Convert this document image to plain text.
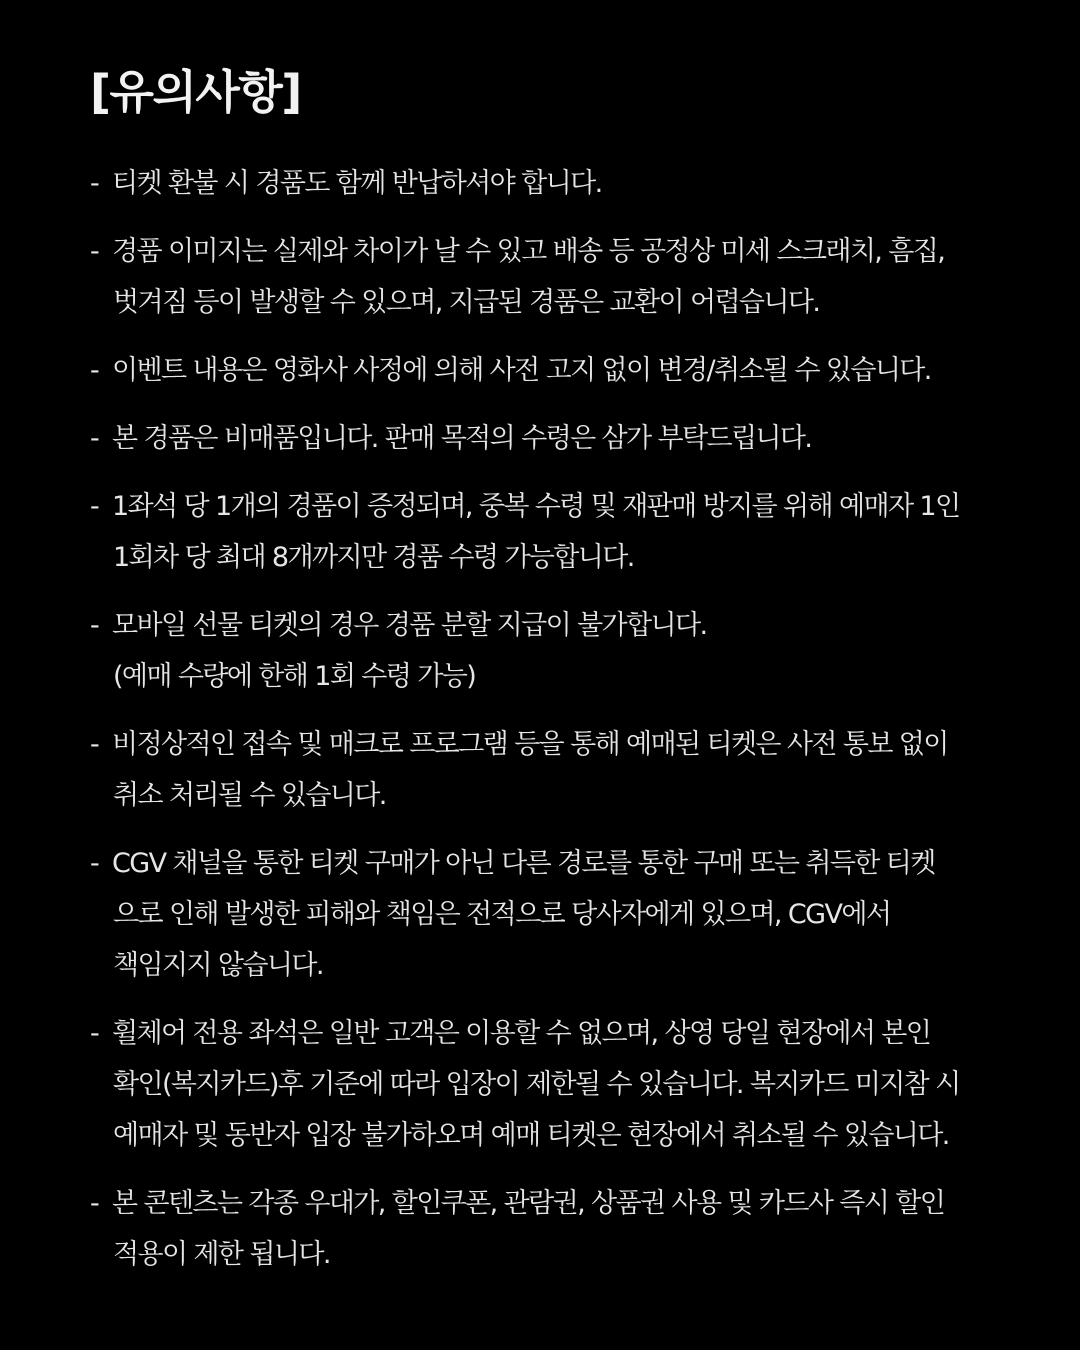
[유의사항]
- 티켓 환불 시 경품도 함께 반납하셔야 합니다.
- 경품 이미지는 실제와 차이가 날 수 있고 배송 등 공정상 미세 스크래치, 흠집,
벗겨짐 등이 발생할 수 있으며, 지급된 경품은 교환이 어렵습니다.
- 이벤트 내용은 영화사 사정에 의해 사전 고지 없이 변경/취소될 수 있습니다.
- 본 경품은 비매품입니다. 판매 목적의 수령은 삼가 부탁드립니다.
- 1좌석 당 1개의 경품이 증정되며, 중복 수령 및 재판매 방지를 위해 예매자 1인
1회차 당 최대 8개까지만 경품 수령 가능합니다.
- 모바일 선물 티켓의 경우 경품 분할 지급이 불가합니다.
(예매 수량에 한해 1회 수령 가능)
- 비정상적인 접속 및 매크로 프로그램 등을 통해 예매된 티켓은 사전 통보 없이
취소 처리될 수 있습니다.
- CGV 채널을 통한 티켓 구매가 아닌 다른 경로를 통한 구매 또는 취득한 티켓
으로 인해 발생한 피해와 책임은 전적으로 당사자에게 있으며, CGV에서
책임지지 않습니다.
- 휠체어 전용 좌석은 일반 고객은 이용할 수 없으며, 상영 당일 현장에서 본인
확인(복지카드)후 기준에 따라 입장이 제한될 수 있습니다. 복지카드 미지참 시
예매자 및 동반자 입장 불가하오며 예매 티켓은 현장에서 취소될 수 있습니다.
- 본 콘텐츠는 각종 우대가, 할인쿠폰, 관람권, 상품권 사용 및 카드사 즉시 할인
적용이 제한 됩니다.
